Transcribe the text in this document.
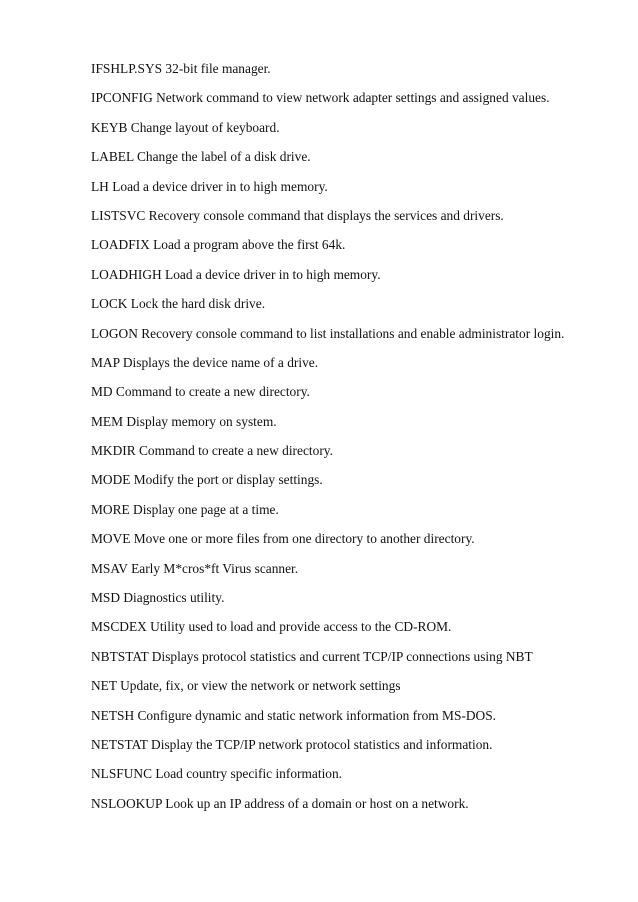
IFSHLP.SYS 32-bit file manager.
IPCONFIG Network command to view network adapter settings and assigned values.
KEYB Change layout of keyboard.
LABEL Change the label of a disk drive.
LH Load a device driver in to high memory.
LISTSVC Recovery console command that displays the services and drivers.
LOADFIX Load a program above the first 64k.
LOADHIGH Load a device driver in to high memory.
LOCK Lock the hard disk drive.
LOGON Recovery console command to list installations and enable administrator login.
MAP Displays the device name of a drive.
MD Command to create a new directory.
MEM Display memory on system.
MKDIR Command to create a new directory.
MODE Modify the port or display settings.
MORE Display one page at a time.
MOVE Move one or more files from one directory to another directory.
MSAV Early M*cros*ft Virus scanner.
MSD Diagnostics utility.
MSCDEX Utility used to load and provide access to the CD-ROM.
NBTSTAT Displays protocol statistics and current TCP/IP connections using NBT
NET Update, fix, or view the network or network settings
NETSH Configure dynamic and static network information from MS-DOS.
NETSTAT Display the TCP/IP network protocol statistics and information.
NLSFUNC Load country specific information.
NSLOOKUP Look up an IP address of a domain or host on a network.
